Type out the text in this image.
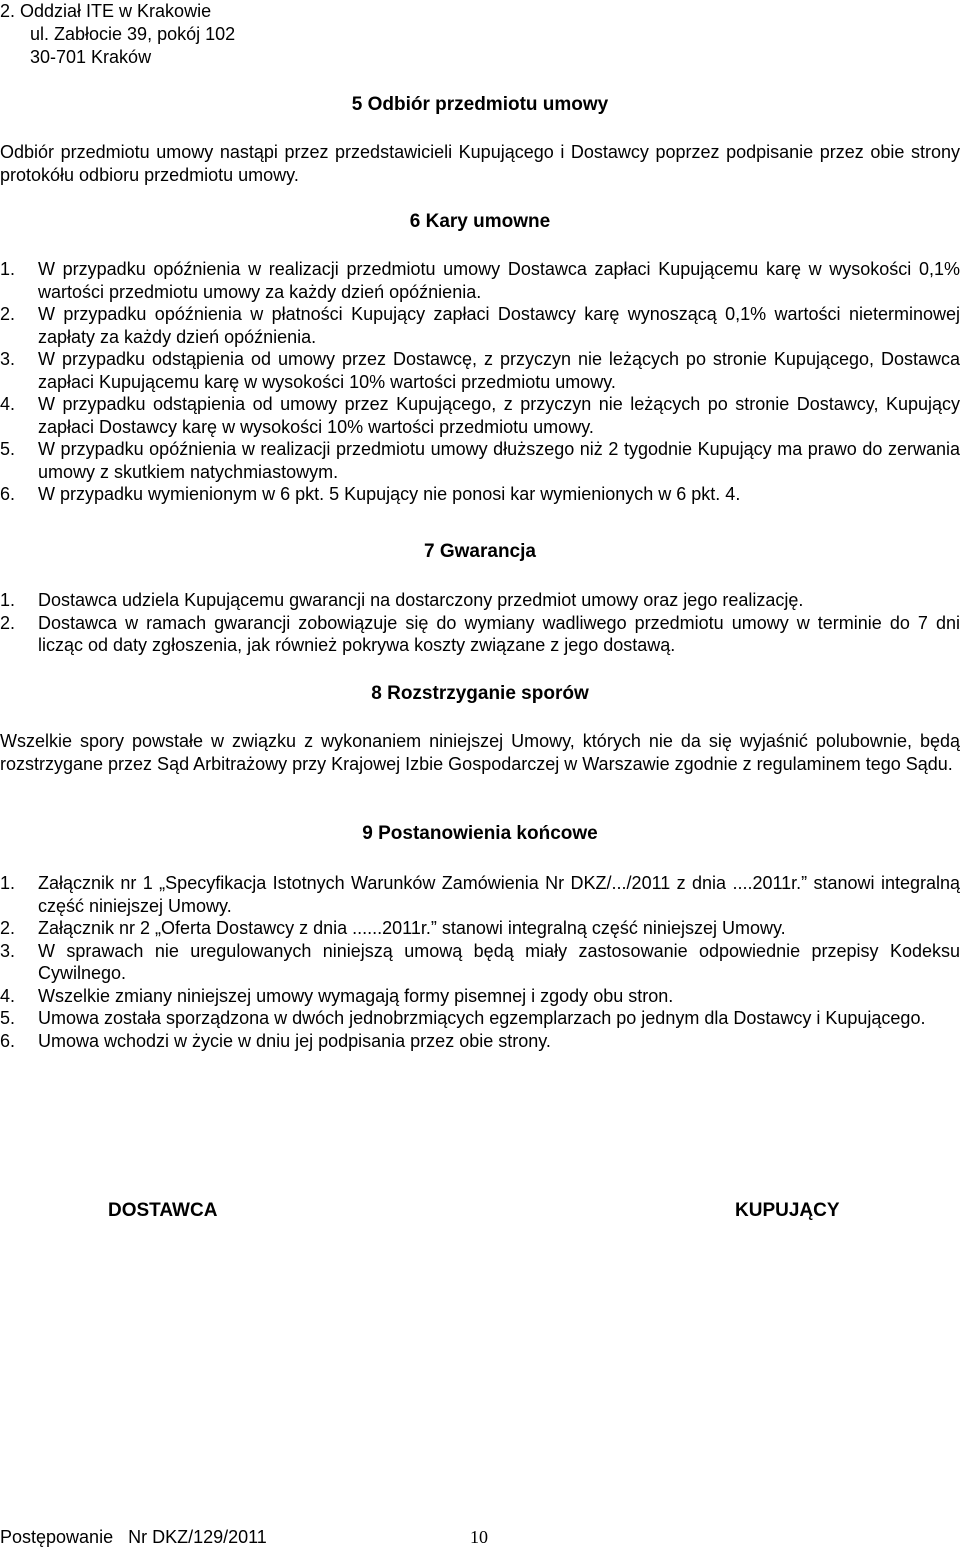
2. Oddział ITE w Krakowie
ul. Zabłocie 39, pokój 102
30-701 Kraków
5 Odbiór przedmiotu umowy
Odbiór przedmiotu umowy nastąpi przez przedstawicieli Kupującego i Dostawcy poprzez podpisanie przez obie strony protokółu odbioru przedmiotu umowy.
6 Kary umowne
1. W przypadku opóźnienia w realizacji przedmiotu umowy Dostawca zapłaci Kupującemu karę w wysokości 0,1% wartości przedmiotu umowy za każdy dzień opóźnienia.
2. W przypadku opóźnienia w płatności Kupujący zapłaci Dostawcy karę wynoszącą 0,1% wartości nieterminowej zapłaty za każdy dzień opóźnienia.
3. W przypadku odstąpienia od umowy przez Dostawcę, z przyczyn nie leżących po stronie Kupującego, Dostawca zapłaci Kupującemu karę w wysokości 10% wartości przedmiotu umowy.
4. W przypadku odstąpienia od umowy przez Kupującego, z przyczyn nie leżących po stronie Dostawcy, Kupujący zapłaci Dostawcy karę w wysokości 10% wartości przedmiotu umowy.
5. W przypadku opóźnienia w realizacji przedmiotu umowy dłuższego niż 2 tygodnie Kupujący ma prawo do zerwania umowy z skutkiem natychmiastowym.
6. W przypadku wymienionym w 6 pkt. 5 Kupujący nie ponosi kar wymienionych w 6 pkt. 4.
7 Gwarancja
1. Dostawca udziela Kupującemu gwarancji na dostarczony przedmiot umowy oraz jego realizację.
2. Dostawca w ramach gwarancji zobowiązuje się do wymiany wadliwego przedmiotu umowy w terminie do 7 dni licząc od daty zgłoszenia, jak również pokrywa koszty związane z jego dostawą.
8 Rozstrzyganie sporów
Wszelkie spory powstałe w związku z wykonaniem niniejszej Umowy, których nie da się wyjaśnić polubownie, będą rozstrzygane przez Sąd Arbitrażowy przy Krajowej Izbie Gospodarczej w Warszawie zgodnie z regulaminem tego Sądu.
9 Postanowienia końcowe
1. Załącznik nr 1 „Specyfikacja Istotnych Warunków Zamówienia Nr DKZ/.../2011 z dnia ....2011r.” stanowi integralną część niniejszej Umowy.
2. Załącznik nr 2 „Oferta Dostawcy z dnia ......2011r.” stanowi integralną część niniejszej Umowy.
3. W sprawach nie uregulowanych niniejszą umową będą miały zastosowanie odpowiednie przepisy Kodeksu Cywilnego.
4. Wszelkie zmiany niniejszej umowy wymagają formy pisemnej i zgody obu stron.
5. Umowa została sporządzona w dwóch jednobrzmiących egzemplarzach po jednym dla Dostawcy i Kupującego.
6. Umowa wchodzi w życie w dniu jej podpisania przez obie strony.
DOSTAWCA	KUPUJĄCY
Postępowanie   Nr DKZ/129/2011	10
